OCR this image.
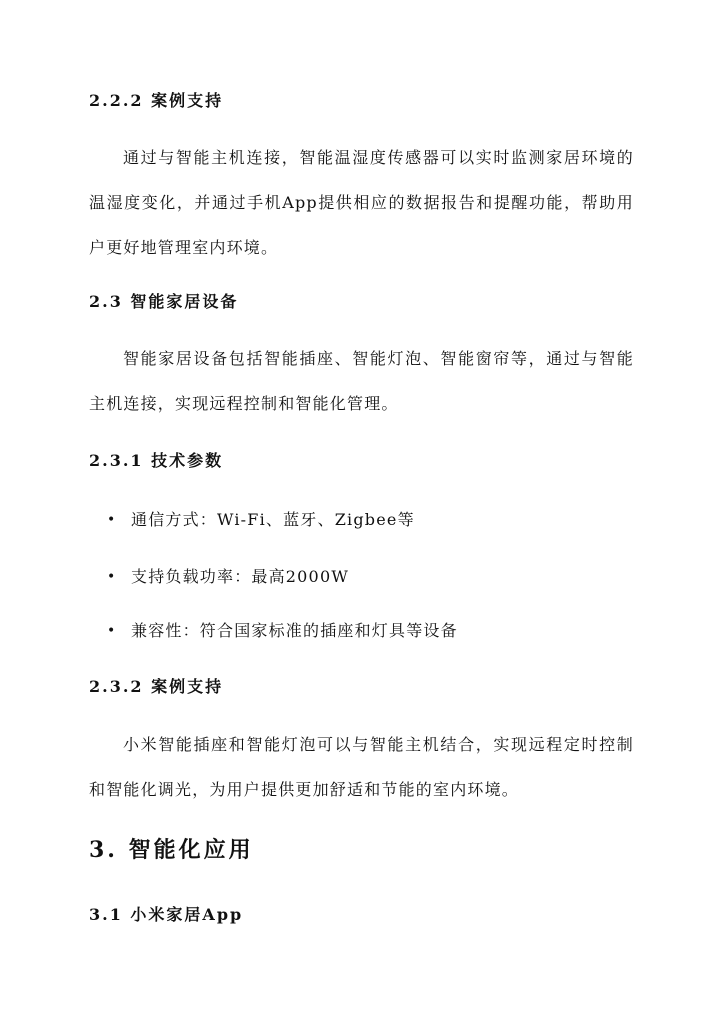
2.2.2 案例支持

通过与智能主机连接，智能温湿度传感器可以实时监测家居环境的温湿度变化，并通过手机App提供相应的数据报告和提醒功能，帮助用户更好地管理室内环境。

2.3 智能家居设备

智能家居设备包括智能插座、智能灯泡、智能窗帘等，通过与智能主机连接，实现远程控制和智能化管理。

2.3.1 技术参数
• 通信方式：Wi-Fi、蓝牙、Zigbee等
• 支持负载功率：最高2000W
• 兼容性：符合国家标准的插座和灯具等设备
2.3.2 案例支持

小米智能插座和智能灯泡可以与智能主机结合，实现远程定时控制和智能化调光，为用户提供更加舒适和节能的室内环境。

3. 智能化应用
3.1 小米家居App
